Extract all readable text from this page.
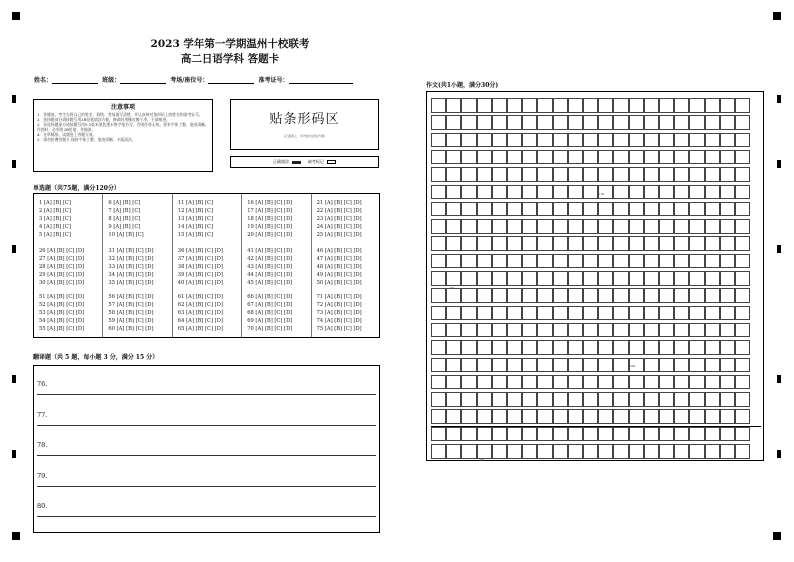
2023 学年第一学期温州十校联考
高二日语学科 答题卡
姓名：	班级：	考场/座位号：	准考证号：
注意事项

1．答题前，考生先将自己的姓名、班级、考场填写清楚，并认真核对条形码上的姓名和准考证号。

2．选择题部分请按题号用2B铅笔填涂方框，修改时用橡皮擦干净，不留痕迹。

3．非选择题部分请按题号用0.5毫米黑色墨水签字笔书写，否则作答无效。要求字体工整、笔迹清晰。作图时，必须用2B铅笔，并描浓。

4．在草稿纸、试题卷上答题无效。

5．请勿折叠答题卡,保持字体工整、笔迹清晰、卡面清洁。

贴条形码区
(正面朝上，切勿贴出虚线方框)
正确填涂	缺考标记
单选题（共75题，满分120分）
1 [A] [B] [C]
2 [A] [B] [C]
3 [A] [B] [C]
4 [A] [B] [C]
5 [A] [B] [C]
6 [A] [B] [C]
7 [A] [B] [C]
8 [A] [B] [C]
9 [A] [B] [C]
10 [A] [B] [C]
11 [A] [B] [C]
12 [A] [B] [C]
13 [A] [B] [C]
14 [A] [B] [C]
15 [A] [B] [C]
16 [A] [B] [C] [D]
17 [A] [B] [C] [D]
18 [A] [B] [C] [D]
19 [A] [B] [C] [D]
20 [A] [B] [C] [D]
21 [A] [B] [C] [D]
22 [A] [B] [C] [D]
23 [A] [B] [C] [D]
24 [A] [B] [C] [D]
25 [A] [B] [C] [D]
26 [A] [B] [C] [D]
27 [A] [B] [C] [D]
28 [A] [B] [C] [D]
29 [A] [B] [C] [D]
30 [A] [B] [C] [D]
31 [A] [B] [C] [D]
32 [A] [B] [C] [D]
33 [A] [B] [C] [D]
34 [A] [B] [C] [D]
35 [A] [B] [C] [D]
36 [A] [B] [C] [D]
37 [A] [B] [C] [D]
38 [A] [B] [C] [D]
39 [A] [B] [C] [D]
40 [A] [B] [C] [D]
41 [A] [B] [C] [D]
42 [A] [B] [C] [D]
43 [A] [B] [C] [D]
44 [A] [B] [C] [D]
45 [A] [B] [C] [D]
46 [A] [B] [C] [D]
47 [A] [B] [C] [D]
48 [A] [B] [C] [D]
49 [A] [B] [C] [D]
50 [A] [B] [C] [D]
51 [A] [B] [C] [D]
52 [A] [B] [C] [D]
53 [A] [B] [C] [D]
54 [A] [B] [C] [D]
55 [A] [B] [C] [D]
56 [A] [B] [C] [D]
57 [A] [B] [C] [D]
58 [A] [B] [C] [D]
59 [A] [B] [C] [D]
60 [A] [B] [C] [D]
61 [A] [B] [C] [D]
62 [A] [B] [C] [D]
63 [A] [B] [C] [D]
64 [A] [B] [C] [D]
65 [A] [B] [C] [D]
66 [A] [B] [C] [D]
67 [A] [B] [C] [D]
68 [A] [B] [C] [D]
69 [A] [B] [C] [D]
70 [A] [B] [C] [D]
71 [A] [B] [C] [D]
72 [A] [B] [C] [D]
73 [A] [B] [C] [D]
74 [A] [B] [C] [D]
75 [A] [B] [C] [D]
翻译题（共 5 题，每小题 3 分，满分 15 分）
76.
77.
78.
79.
80.
作文(共1小题，满分30分)
100
200
300
400
